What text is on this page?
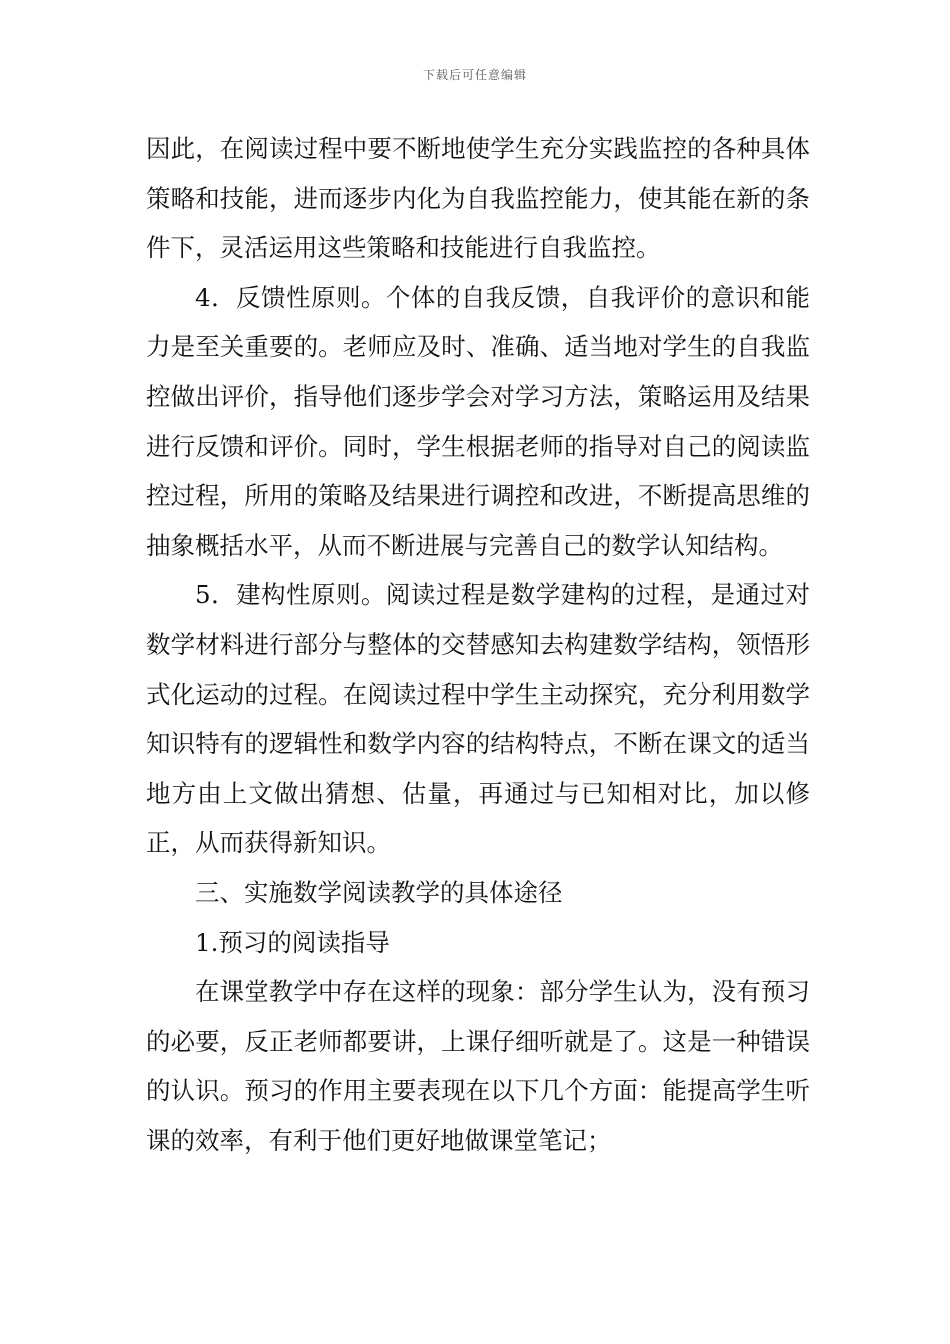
下载后可任意编辑

因此，在阅读过程中要不断地使学生充分实践监控的各种具体策略和技能，进而逐步内化为自我监控能力，使其能在新的条件下，灵活运用这些策略和技能进行自我监控。

4．反馈性原则。个体的自我反馈，自我评价的意识和能力是至关重要的。老师应及时、准确、适当地对学生的自我监控做出评价，指导他们逐步学会对学习方法，策略运用及结果进行反馈和评价。同时，学生根据老师的指导对自己的阅读监控过程，所用的策略及结果进行调控和改进，不断提高思维的抽象概括水平，从而不断进展与完善自己的数学认知结构。

5．建构性原则。阅读过程是数学建构的过程，是通过对数学材料进行部分与整体的交替感知去构建数学结构，领悟形式化运动的过程。在阅读过程中学生主动探究，充分利用数学知识特有的逻辑性和数学内容的结构特点，不断在课文的适当地方由上文做出猜想、估量，再通过与已知相对比，加以修正，从而获得新知识。

三、实施数学阅读教学的具体途径

1.预习的阅读指导

在课堂教学中存在这样的现象：部分学生认为，没有预习的必要，反正老师都要讲，上课仔细听就是了。这是一种错误的认识。预习的作用主要表现在以下几个方面：能提高学生听课的效率，有利于他们更好地做课堂笔记；
